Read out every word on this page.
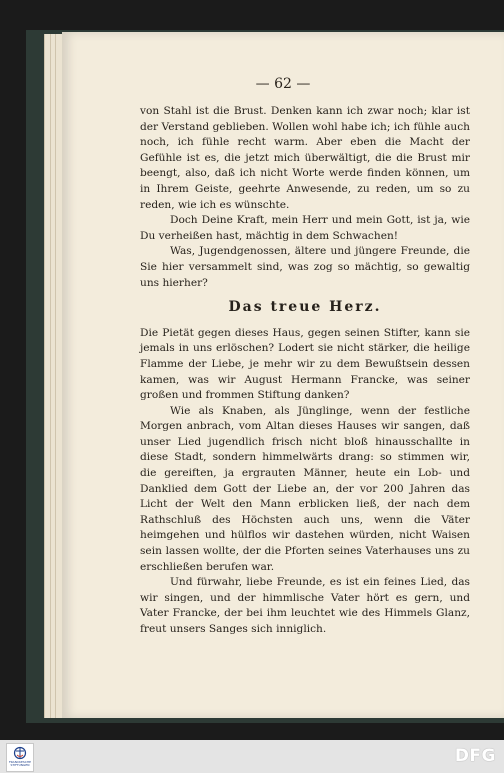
— 62 —

von Stahl ist die Brust. Denken kann ich zwar noch; klar ist der Verstand geblieben. Wollen wohl habe ich; ich fühle auch noch, ich fühle recht warm. Aber eben die Macht der Gefühle ist es, die jetzt mich überwältigt, die die Brust mir beengt, also, daß ich nicht Worte werde finden können, um in Ihrem Geiste, geehrte Anwesende, zu reden, um so zu reden, wie ich es wünschte.

Doch Deine Kraft, mein Herr und mein Gott, ist ja, wie Du verheißen hast, mächtig in dem Schwachen!

Was, Jugendgenossen, ältere und jüngere Freunde, die Sie hier versammelt sind, was zog so mächtig, so gewaltig uns hierher?

Das treue Herz.

Die Pietät gegen dieses Haus, gegen seinen Stifter, kann sie jemals in uns erlöschen? Lodert sie nicht stärker, die heilige Flamme der Liebe, je mehr wir zu dem Bewußtsein dessen kamen, was wir August Hermann Francke, was seiner großen und frommen Stiftung danken?

Wie als Knaben, als Jünglinge, wenn der festliche Morgen anbrach, vom Altan dieses Hauses wir sangen, daß unser Lied jugendlich frisch nicht bloß hinausschallte in diese Stadt, sondern himmelwärts drang: so stimmen wir, die gereiften, ja ergrauten Männer, heute ein Lob- und Danklied dem Gott der Liebe an, der vor 200 Jahren das Licht der Welt den Mann erblicken ließ, der nach dem Rathschluß des Höchsten auch uns, wenn die Väter heimgehen und hülflos wir dastehen würden, nicht Waisen sein lassen wollte, der die Pforten seines Vaterhauses uns zu erschließen berufen war.

Und fürwahr, liebe Freunde, es ist ein feines Lied, das wir singen, und der himmlische Vater hört es gern, und Vater Francke, der bei ihm leuchtet wie des Himmels Glanz, freut unsers Sanges sich inniglich.

FRANCKESCHE STIFTUNGEN	DFG
